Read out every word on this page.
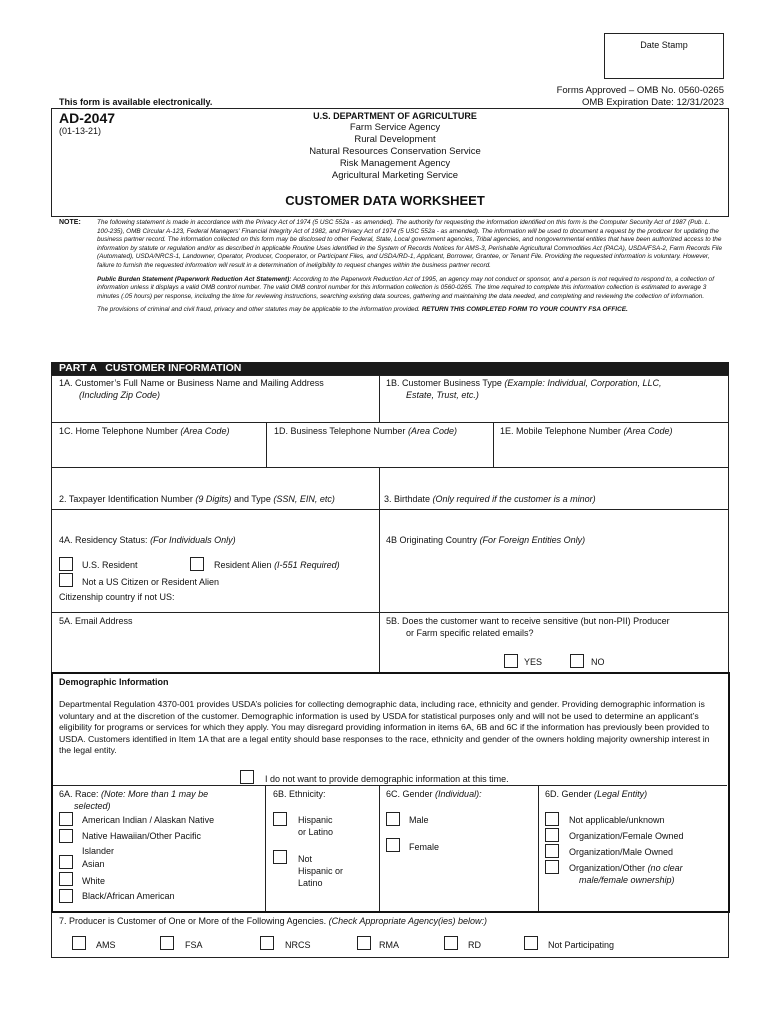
Date Stamp
Forms Approved – OMB No. 0560-0265
OMB Expiration Date: 12/31/2023
This form is available electronically.
AD-2047
(01-13-21)
U.S. DEPARTMENT OF AGRICULTURE
Farm Service Agency
Rural Development
Natural Resources Conservation Service
Risk Management Agency
Agricultural Marketing Service
CUSTOMER DATA WORKSHEET
NOTE:	The following statement is made in accordance with the Privacy Act of 1974 (5 USC 552a - as amended). The authority for requesting the information identified on this form is the Computer Security Act of 1987 (Pub. L. 100-235), OMB Circular A-123, Federal Managers' Financial Integrity Act of 1982, and Privacy Act of 1974 (5 USC 552a - as amended). The information will be used to document a request by the producer for updating the business partner record. The information collected on this form may be disclosed to other Federal, State, Local government agencies, Tribal agencies, and nongovernmental entities that have been authorized access to the information by statute or regulation and/or as described in applicable Routine Uses identified in the System of Records Notices for AMS-3, Perishable Agricultural Commodities Act (PACA), USDA/FSA-2, Farm Records File (Automated), USDA/NRCS-1, Landowner, Operator, Producer, Cooperator, or Participant Files, and USDA/RD-1, Applicant, Borrower, Grantee, or Tenant File. Providing the requested information is voluntary. However, failure to furnish the requested information will result in a determination of ineligibility to request changes within the business partner record.
Public Burden Statement (Paperwork Reduction Act Statement): According to the Paperwork Reduction Act of 1995, an agency may not conduct or sponsor, and a person is not required to respond to, a collection of information unless it displays a valid OMB control number. The valid OMB control number for this information collection is 0560-0265. The time required to complete this information collection is estimated to average 3 minutes (.05 hours) per response, including the time for reviewing instructions, searching existing data sources, gathering and maintaining the data needed, and completing and reviewing the collection of information.
The provisions of criminal and civil fraud, privacy and other statutes may be applicable to the information provided. RETURN THIS COMPLETED FORM TO YOUR COUNTY FSA OFFICE.
PART A   CUSTOMER INFORMATION
1A. Customer’s Full Name or Business Name and Mailing Address
(Including Zip Code)
1B. Customer Business Type (Example: Individual, Corporation, LLC,
Estate, Trust, etc.)
1C. Home Telephone Number (Area Code)	1D. Business Telephone Number (Area Code)	1E. Mobile Telephone Number (Area Code)
2. Taxpayer Identification Number (9 Digits) and Type (SSN, EIN, etc)	3. Birthdate (Only required if the customer is a minor)
4A. Residency Status: (For Individuals Only)
U.S. Resident	Resident Alien (I-551 Required)
Not a US Citizen or Resident Alien
Citizenship country if not US:
4B Originating Country (For Foreign Entities Only)
5A. Email Address	5B. Does the customer want to receive sensitive (but non-PII) Producer
or Farm specific related emails?
YES	NO
Demographic Information
Departmental Regulation 4370-001 provides USDA’s policies for collecting demographic data, including race, ethnicity and gender. Providing demographic information is voluntary and at the discretion of the customer. Demographic information is used by USDA for statistical purposes only and will not be used to determine an applicant’s eligibility for programs or services for which they apply. You may disregard providing information in items 6A, 6B and 6C if the information has previously been provided to USDA. Customers identified in Item 1A that are a legal entity should base responses to the race, ethnicity and gender of the owners holding majority ownership interest in the legal entity.
I do not want to provide demographic information at this time.
6A. Race: (Note: More than 1 may be
selected)
American Indian / Alaskan Native
Native Hawaiian/Other Pacific
Islander
Asian
White
Black/African American
6B. Ethnicity:
Hispanic
or Latino
Not
Hispanic or
Latino
6C. Gender (Individual):
Male
Female
6D. Gender (Legal Entity)
Not applicable/unknown
Organization/Female Owned
Organization/Male Owned
Organization/Other (no clear
male/female ownership)
7. Producer is Customer of One or More of the Following Agencies. (Check Appropriate Agency(ies) below:)
AMS	FSA	NRCS	RMA	RD	Not Participating
